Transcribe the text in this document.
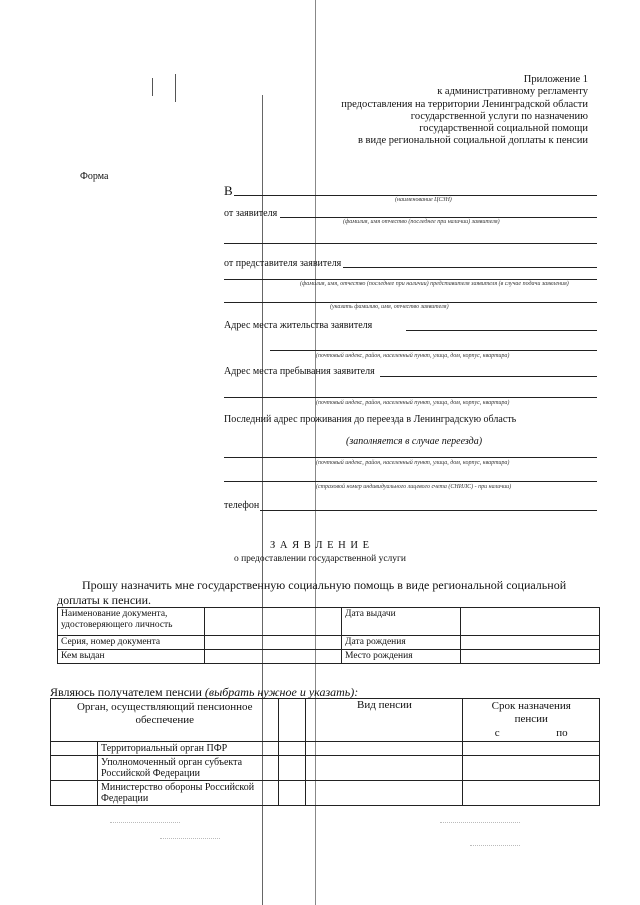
Приложение 1
к административному регламенту
предоставления на территории Ленинградской области
государственной услуги по назначению
государственной социальной помощи
в виде региональной социальной доплаты к пенсии
Форма
В
(наименование ЦСЗН)
от заявителя
(фамилия, имя отчество (последнее при наличии) заявителя)
от представителя заявителя
(фамилия, имя, отчество (последнее при наличии) представителя заявителя (в случае подачи заявления)
(указать фамилию, имя, отчество заявителя)
Адрес места жительства заявителя
(почтовый индекс, район, населенный пункт, улица, дом, корпус, квартира)
Адрес места пребывания заявителя
(почтовый индекс, район, населенный пункт, улица, дом, корпус, квартира)
Последний адрес проживания до переезда в Ленинградскую область
(заполняется в случае переезда)
(почтовый индекс, район, населенный пункт, улица, дом, корпус, квартира)
(страховой номер индивидуального лицевого счета (СНИЛС) - при наличии)
телефон
З А Я В Л Е Н И Е
о предоставлении государственной услуги
Прошу назначить мне государственную социальную помощь в виде региональной социальной
доплаты к пенсии.
Наименование документа, удостоверяющего личность		Дата выдачи	
Серия, номер документа		Дата рождения	
Кем выдан		Место рождения	
Являюсь получателем пенсии (выбрать нужное и указать):
Орган, осуществляющий пенсионное обеспечение			Вид пенсии	Срок назначения пенсии
с по

	Территориальный орган ПФР			
	Уполномоченный орган субъекта Российской Федерации			
	Министерство обороны Российской Федерации			
